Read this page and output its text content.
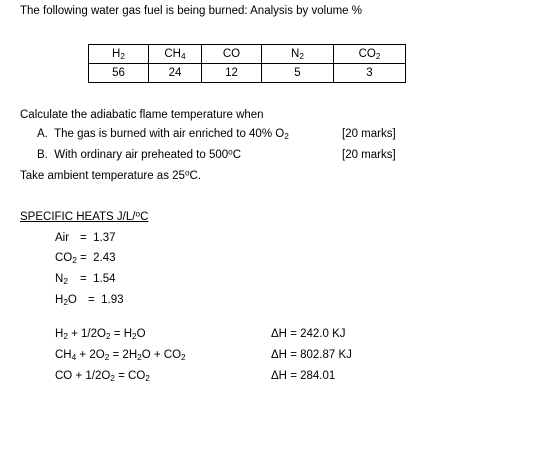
The following water gas fuel is being burned: Analysis by volume %
$H_2$	$CH_4$	CO	$N_2$	$CO_2$
56	24	12	5	3
Calculate the adiabatic flame temperature when
A. The gas is burned with air enriched to 40% $O_2$	[20 marks]
B. With ordinary air preheated to 500$^o$C	[20 marks]
Take ambient temperature as 25$^o$C.
SPECIFIC HEATS J/L/$^o$C
Air = 1.37
$CO_2 = 2.43$
$N_2 = 1.54$
$H_2O = 1.93$
$H_2 + 1/2O_2 = H_2O$	ΔH = 242.0 KJ
$CH_4 + 2O_2 = 2H_2O + CO_2$	ΔH = 802.87 KJ
CO + $1/2O_2 = CO_2$	ΔH = 284.01
